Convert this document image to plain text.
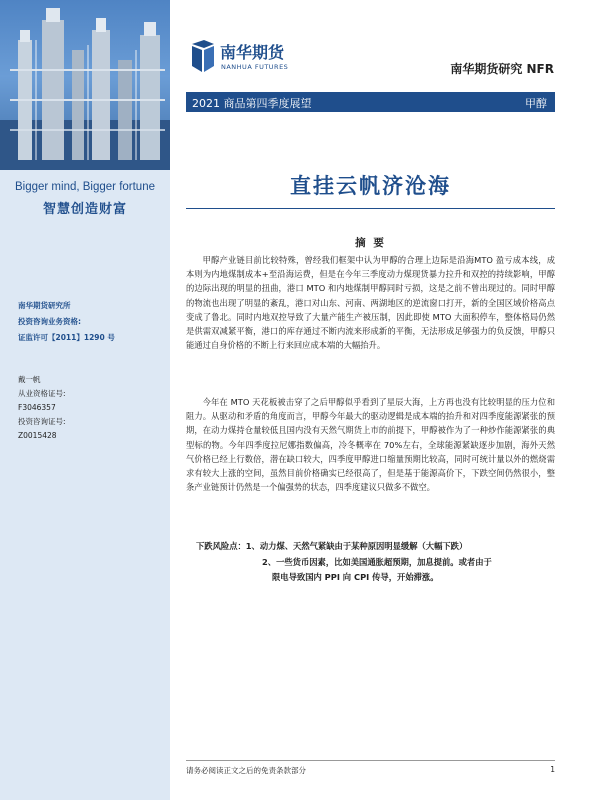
Bigger mind, Bigger fortune
智慧创造财富
南华期货研究所
投资咨询业务资格:
证监许可【2011】1290 号
戴一帆
从业资格证号:
F3046357
投资咨询证号:
Z0015428
南华期货
NANHUA FUTURES	南华期货研究 NFR
2021 商品第四季度展望	甲醇
直挂云帆济沧海
摘 要

甲醇产业链目前比较特殊，曾经我们框架中认为甲醇的合理上边际是沿海MTO 盈亏成本线，成本则为内地煤制成本+至沿海运费，但是在今年三季度动力煤现货暴力拉升和双控的持续影响，甲醇的边际出现的明显的扭曲，港口 MTO 和内地煤制甲醇同时亏损，这是之前不曾出现过的。同时甲醇的物流也出现了明显的紊乱，港口对山东、河南、两湖地区的逆流窗口打开，新的全国区域价格高点变成了鲁北。同时内地双控导致了大量产能生产被压制，因此即使 MTO 大面积停车，整体格局仍然是供需双减紧平衡，港口的库存通过不断内流来形成新的平衡，无法形成足够强力的负反馈，甲醇只能通过自身价格的不断上行来回应成本端的大幅抬升。

今年在 MTO 天花板被击穿了之后甲醇似乎看到了星辰大海，上方再也没有比较明显的压力位和阻力。从驱动和矛盾的角度而言，甲醇今年最大的驱动逻辑是成本端的抬升和对四季度能源紧张的预期，在动力煤持仓量较低且国内没有天然气期货上市的前提下，甲醇被作为了一种炒作能源紧张的典型标的物。今年四季度拉尼娜指数偏高，冷冬概率在 70%左右，全球能源紧缺逐步加剧，海外天然气价格已经上行数倍，潜在缺口较大，四季度甲醇进口缩量预期比较高，同时可统计量以外的燃烧需求有较大上涨的空间，虽然目前价格确实已经很高了，但是基于能源高价下，下跌空间仍然很小，整条产业链预计仍然是一个偏强势的状态，四季度建议只做多不做空。

下跌风险点：1、动力煤、天然气紧缺由于某种原因明显缓解（大幅下跌）
2、一些货币因素，比如美国通胀超预期，加息提前。或者由于
限电导致国内 PPI 向 CPI 传导，开始滞涨。
请务必阅读正文之后的免责条款部分	1
